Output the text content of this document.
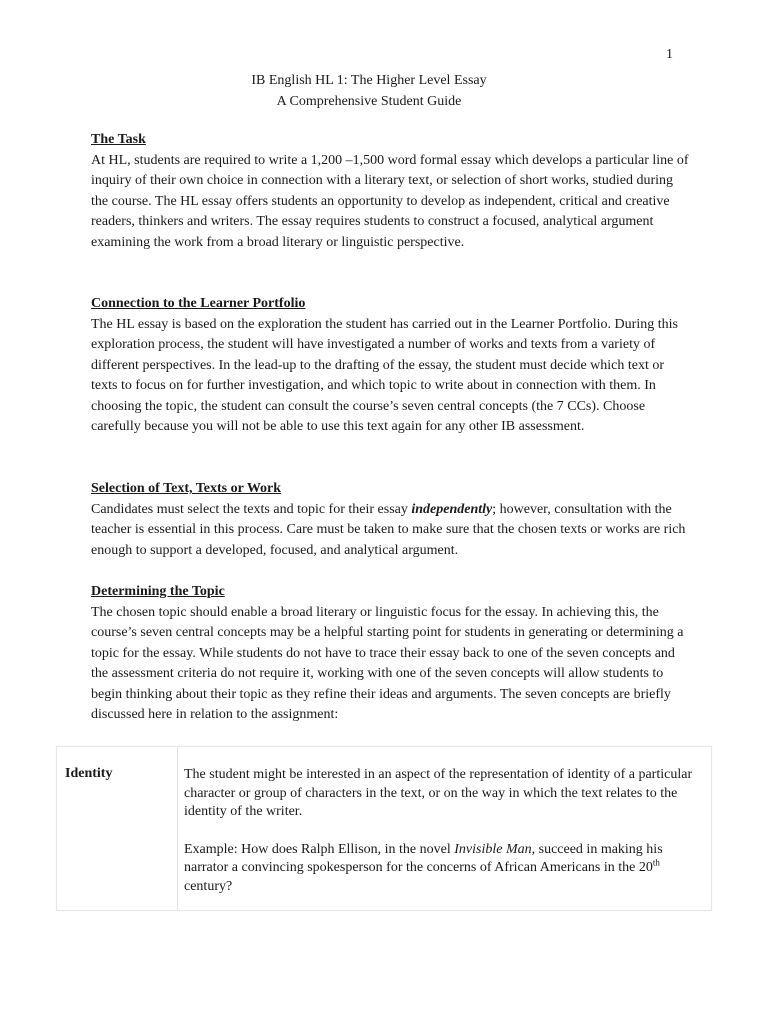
1
IB English HL 1: The Higher Level Essay
A Comprehensive Student Guide
The Task

At HL, students are required to write a 1,200 –1,500 word formal essay which develops a particular line of inquiry of their own choice in connection with a literary text, or selection of short works, studied during the course. The HL essay offers students an opportunity to develop as independent, critical and creative readers, thinkers and writers. The essay requires students to construct a focused, analytical argument examining the work from a broad literary or linguistic perspective.

Connection to the Learner Portfolio

The HL essay is based on the exploration the student has carried out in the Learner Portfolio. During this exploration process, the student will have investigated a number of works and texts from a variety of different perspectives. In the lead-up to the drafting of the essay, the student must decide which text or texts to focus on for further investigation, and which topic to write about in connection with them. In choosing the topic, the student can consult the course’s seven central concepts (the 7 CCs). Choose carefully because you will not be able to use this text again for any other IB assessment.

Selection of Text, Texts or Work

Candidates must select the texts and topic for their essay independently; however, consultation with the teacher is essential in this process. Care must be taken to make sure that the chosen texts or works are rich enough to support a developed, focused, and analytical argument.

Determining the Topic

The chosen topic should enable a broad literary or linguistic focus for the essay. In achieving this, the course’s seven central concepts may be a helpful starting point for students in generating or determining a topic for the essay. While students do not have to trace their essay back to one of the seven concepts and the assessment criteria do not require it, working with one of the seven concepts will allow students to begin thinking about their topic as they refine their ideas and arguments. The seven concepts are briefly discussed here in relation to the assignment:

Identity	The student might be interested in an aspect of the representation of identity of a particular character or group of characters in the text, or on the way in which the text relates to the identity of the writer.

Example: How does Ralph Ellison, in the novel Invisible Man, succeed in making his narrator a convincing spokesperson for the concerns of African Americans in the 20th century?
